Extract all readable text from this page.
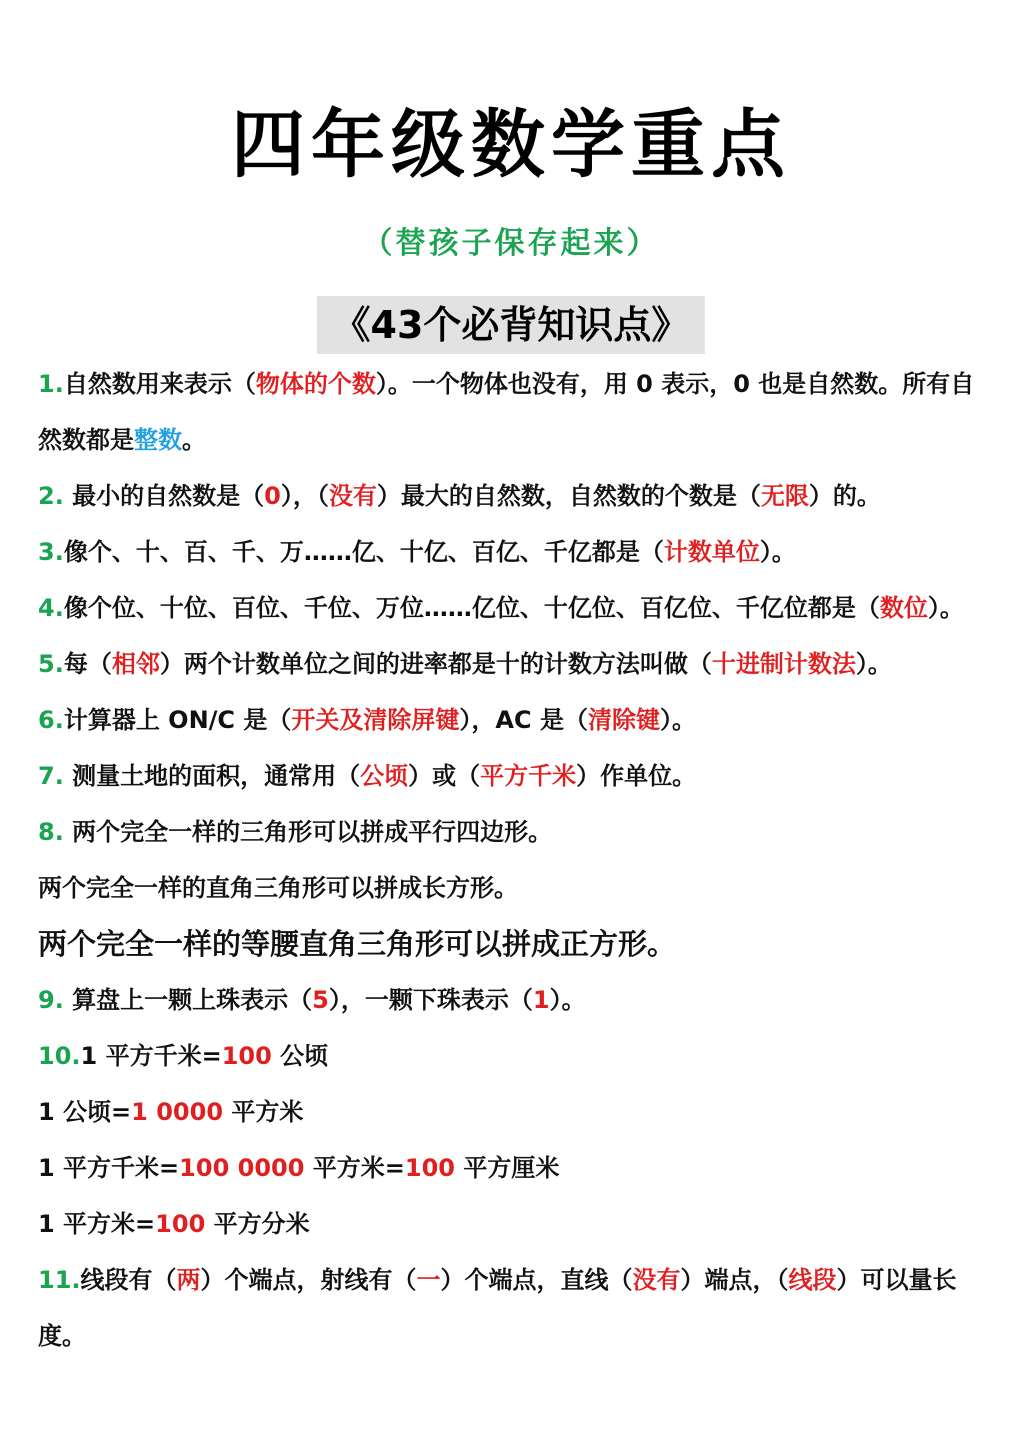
四年级数学重点
（替孩子保存起来）
《43个必背知识点》
1.自然数用来表示（物体的个数）。一个物体也没有，用 0 表示，0 也是自然数。所有自然数都是整数。
2. 最小的自然数是（0），（没有）最大的自然数，自然数的个数是（无限）的。
3.像个、十、百、千、万……亿、十亿、百亿、千亿都是（计数单位）。
4.像个位、十位、百位、千位、万位……亿位、十亿位、百亿位、千亿位都是（数位）。
5.每（相邻）两个计数单位之间的进率都是十的计数方法叫做（十进制计数法）。
6.计算器上 ON/C 是（开关及清除屏键），AC 是（清除键）。
7. 测量土地的面积，通常用（公顷）或（平方千米）作单位。
8. 两个完全一样的三角形可以拼成平行四边形。
两个完全一样的直角三角形可以拼成长方形。
两个完全一样的等腰直角三角形可以拼成正方形。
9. 算盘上一颗上珠表示（5），一颗下珠表示（1）。
10.1 平方千米=100 公顷
1 公顷=1 0000 平方米
1 平方千米=100 0000 平方米=100 平方厘米
1 平方米=100 平方分米
11.线段有（两）个端点，射线有（一）个端点，直线（没有）端点，（线段）可以量长度。
